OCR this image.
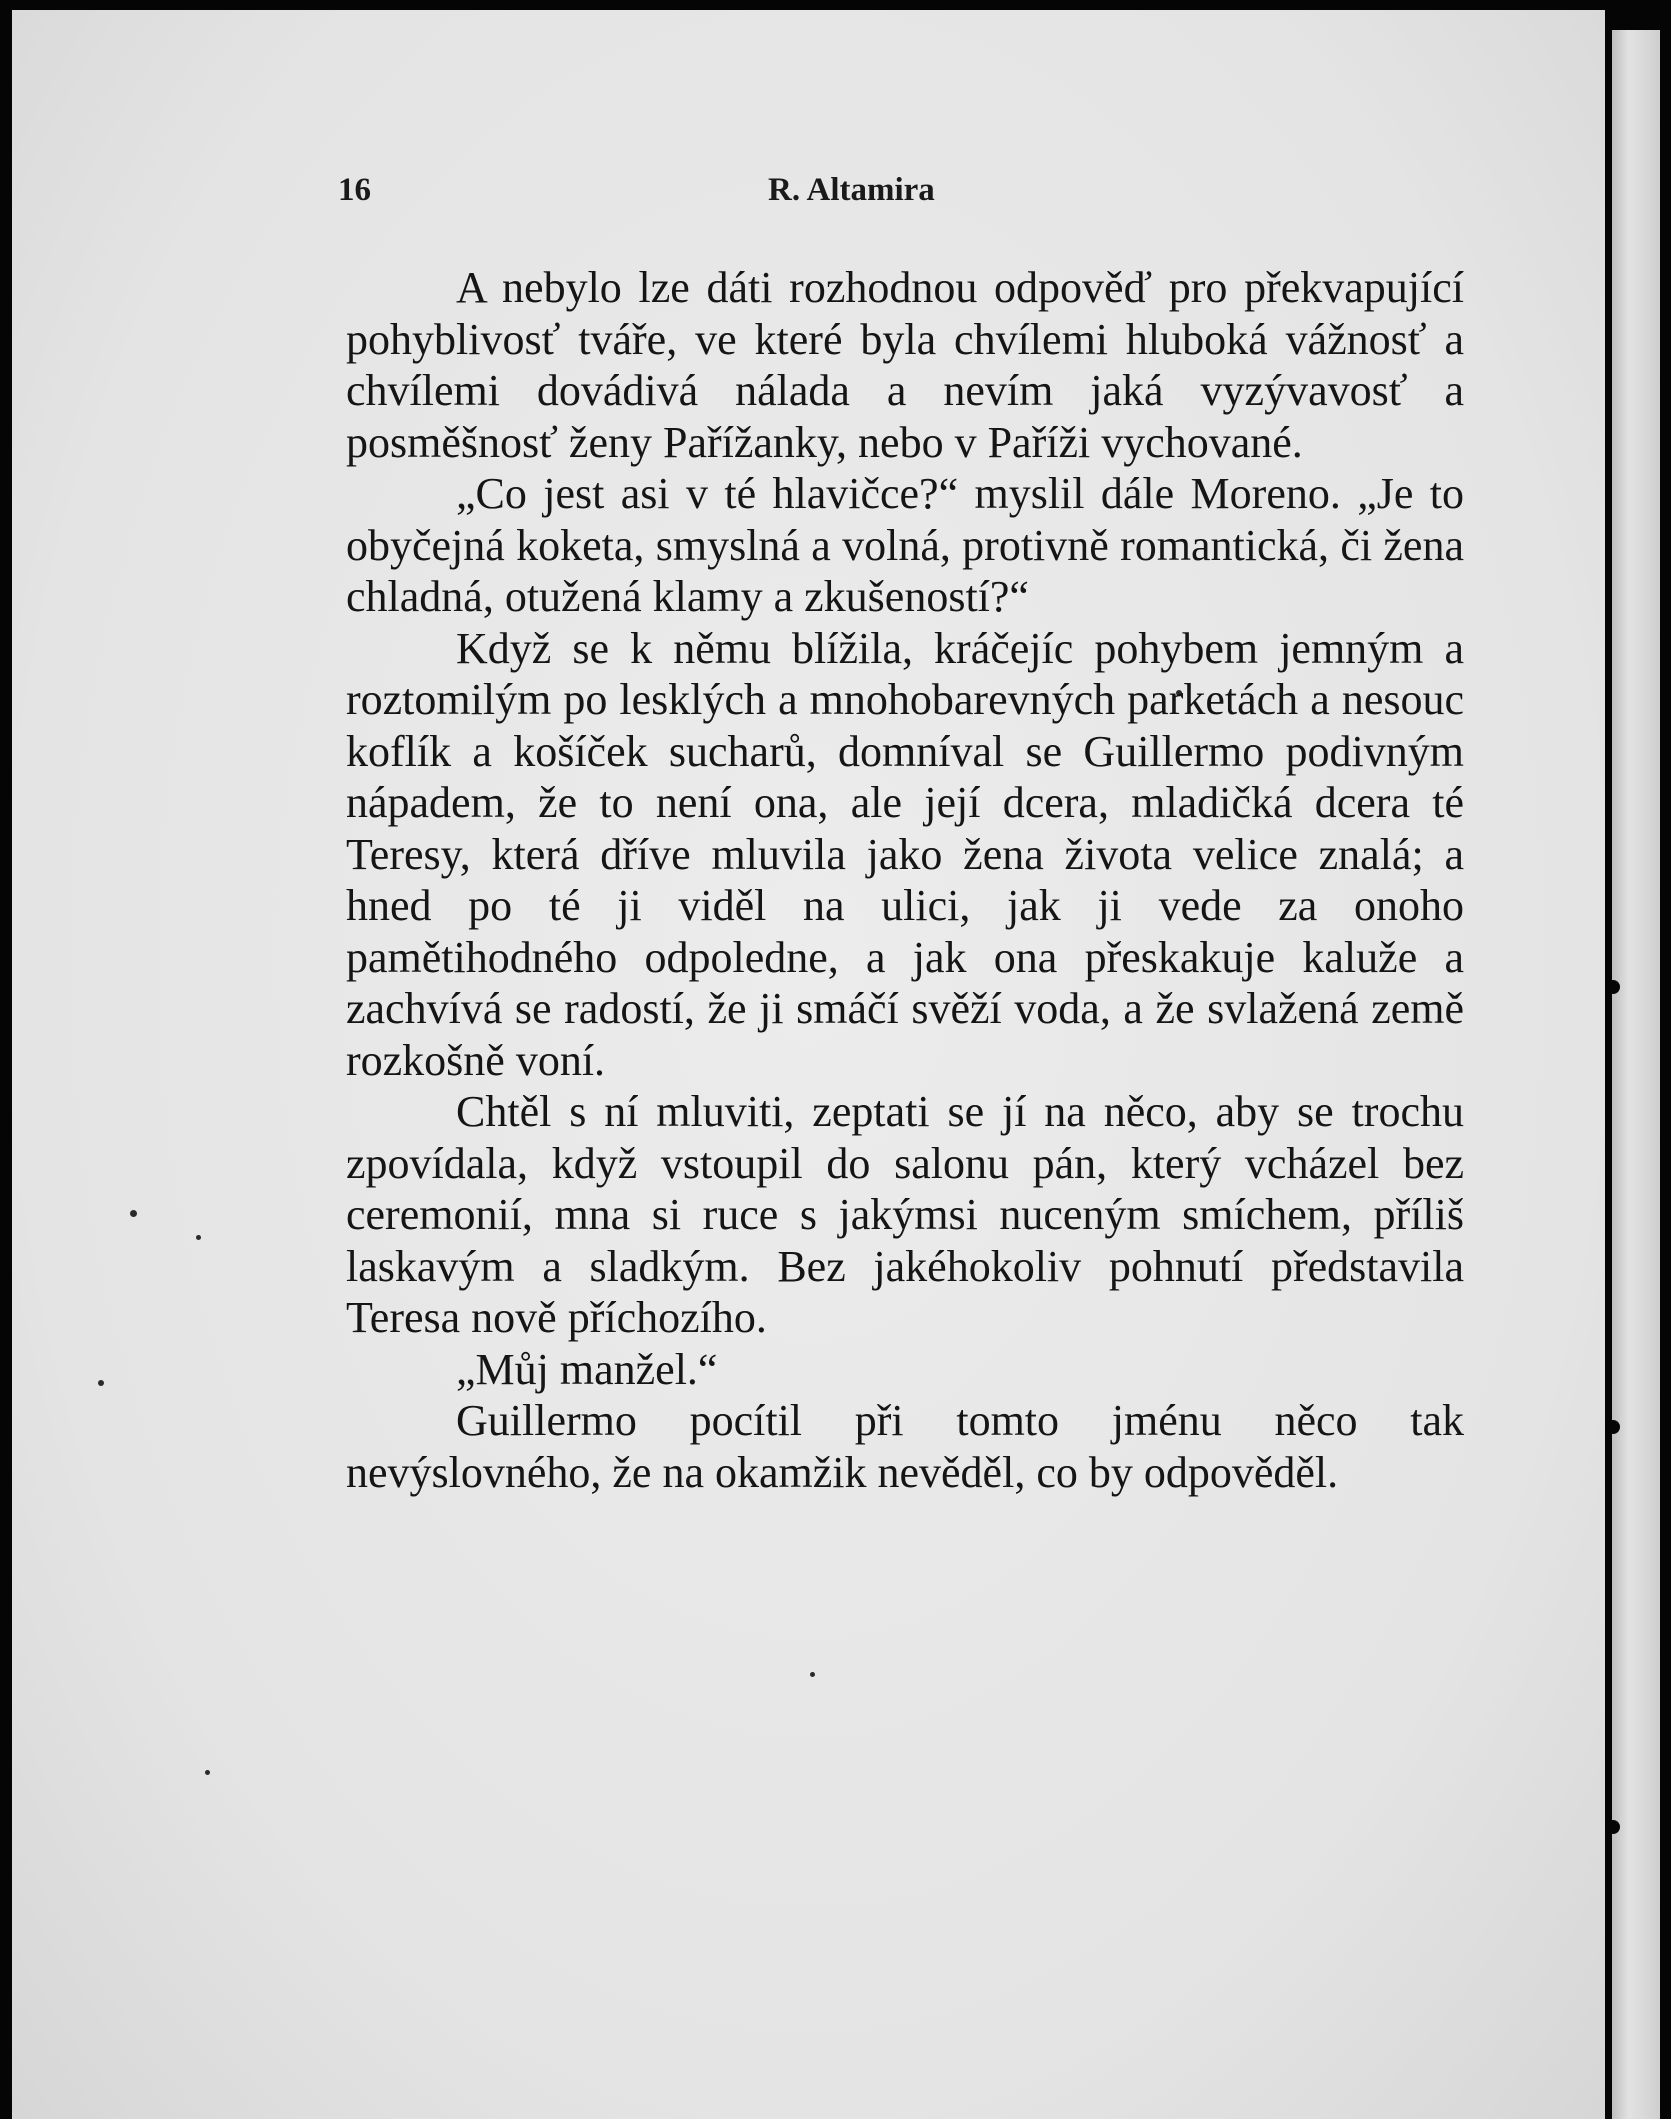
16	R. Altamira

A nebylo lze dáti rozhodnou odpověď pro překvapující pohyblivosť tváře, ve které byla chvílemi hluboká vážnosť a chvílemi dovádivá nálada a nevím jaká vyzývavosť a posměšnosť ženy Pařížanky, nebo v Paříži vychované.

„Co jest asi v té hlavičce?“ myslil dále Moreno. „Je to obyčejná koketa, smyslná a volná, protivně romantická, či žena chladná, otužená klamy a zkušeností?“

Když se k němu blížila, kráčejíc pohybem jemným a roztomilým po lesklých a mnohobarevných parketách a nesouc koflík a košíček sucharů, domníval se Guillermo podivným nápadem, že to není ona, ale její dcera, mladičká dcera té Teresy, která dříve mluvila jako žena života velice znalá; a hned po té ji viděl na ulici, jak ji vede za onoho pamětihodného odpoledne, a jak ona přeskakuje kaluže a zachvívá se radostí, že ji smáčí svěží voda, a že svlažená země rozkošně voní.

Chtěl s ní mluviti, zeptati se jí na něco, aby se trochu zpovídala, když vstoupil do salonu pán, který vcházel bez ceremonií, mna si ruce s jakýmsi nuceným smíchem, příliš laskavým a sladkým. Bez jakéhokoliv pohnutí představila Teresa nově příchozího.

„Můj manžel.“

Guillermo pocítil při tomto jménu něco tak nevýslovného, že na okamžik nevěděl, co by odpověděl.
